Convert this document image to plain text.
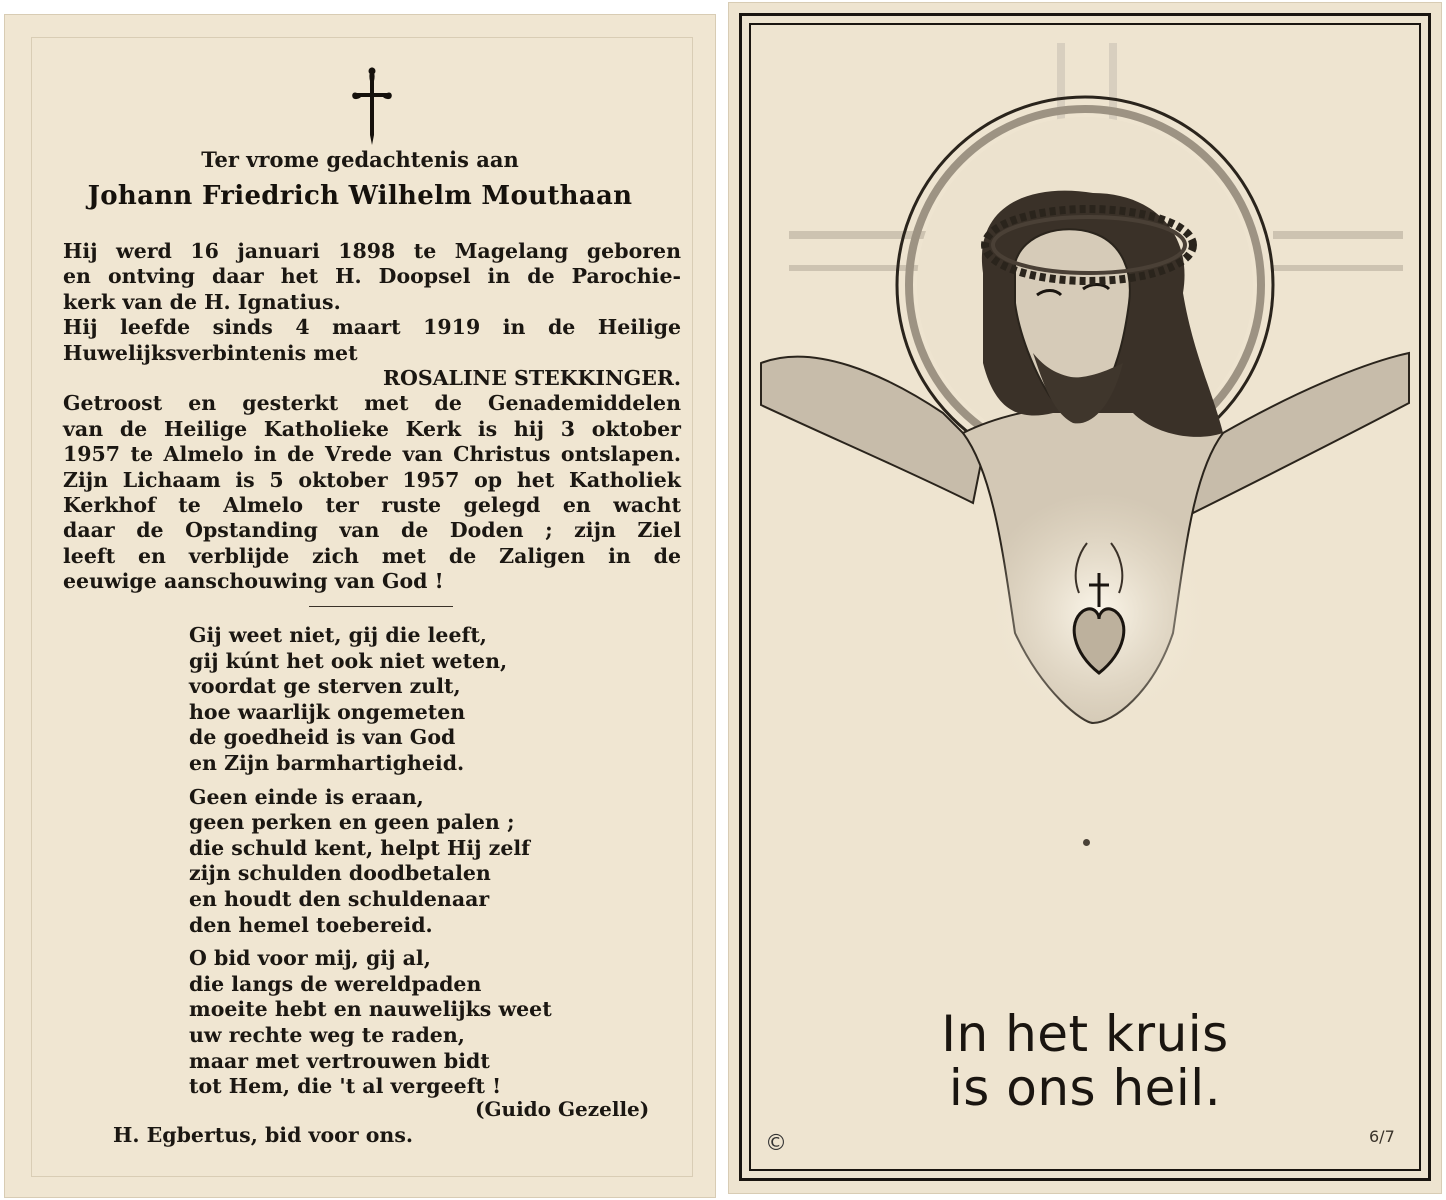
Ter vrome gedachtenis aan
Johann Friedrich Wilhelm Mouthaan
Hij werd 16 januari 1898 te Magelang geboren
en ontving daar het H. Doopsel in de Parochie-
kerk van de H. Ignatius.
Hij leefde sinds 4 maart 1919 in de Heilige
Huwelijksverbintenis met
ROSALINE STEKKINGER.
Getroost en gesterkt met de Genademiddelen
van de Heilige Katholieke Kerk is hij 3 oktober
1957 te Almelo in de Vrede van Christus ontslapen.
Zijn Lichaam is 5 oktober 1957 op het Katholiek
Kerkhof te Almelo ter ruste gelegd en wacht
daar de Opstanding van de Doden ; zijn Ziel
leeft en verblijde zich met de Zaligen in de
eeuwige aanschouwing van God !
Gij weet niet, gij die leeft,
gij kúnt het ook niet weten,
voordat ge sterven zult,
hoe waarlijk ongemeten
de goedheid is van God
en Zijn barmhartigheid.
Geen einde is eraan,
geen perken en geen palen ;
die schuld kent, helpt Hij zelf
zijn schulden doodbetalen
en houdt den schuldenaar
den hemel toebereid.
O bid voor mij, gij al,
die langs de wereldpaden
moeite hebt en nauwelijks weet
uw rechte weg te raden,
maar met vertrouwen bidt
tot Hem, die 't al vergeeft !
(Guido Gezelle)
H. Egbertus, bid voor ons.
In het kruis
is ons heil.
©	6/7
